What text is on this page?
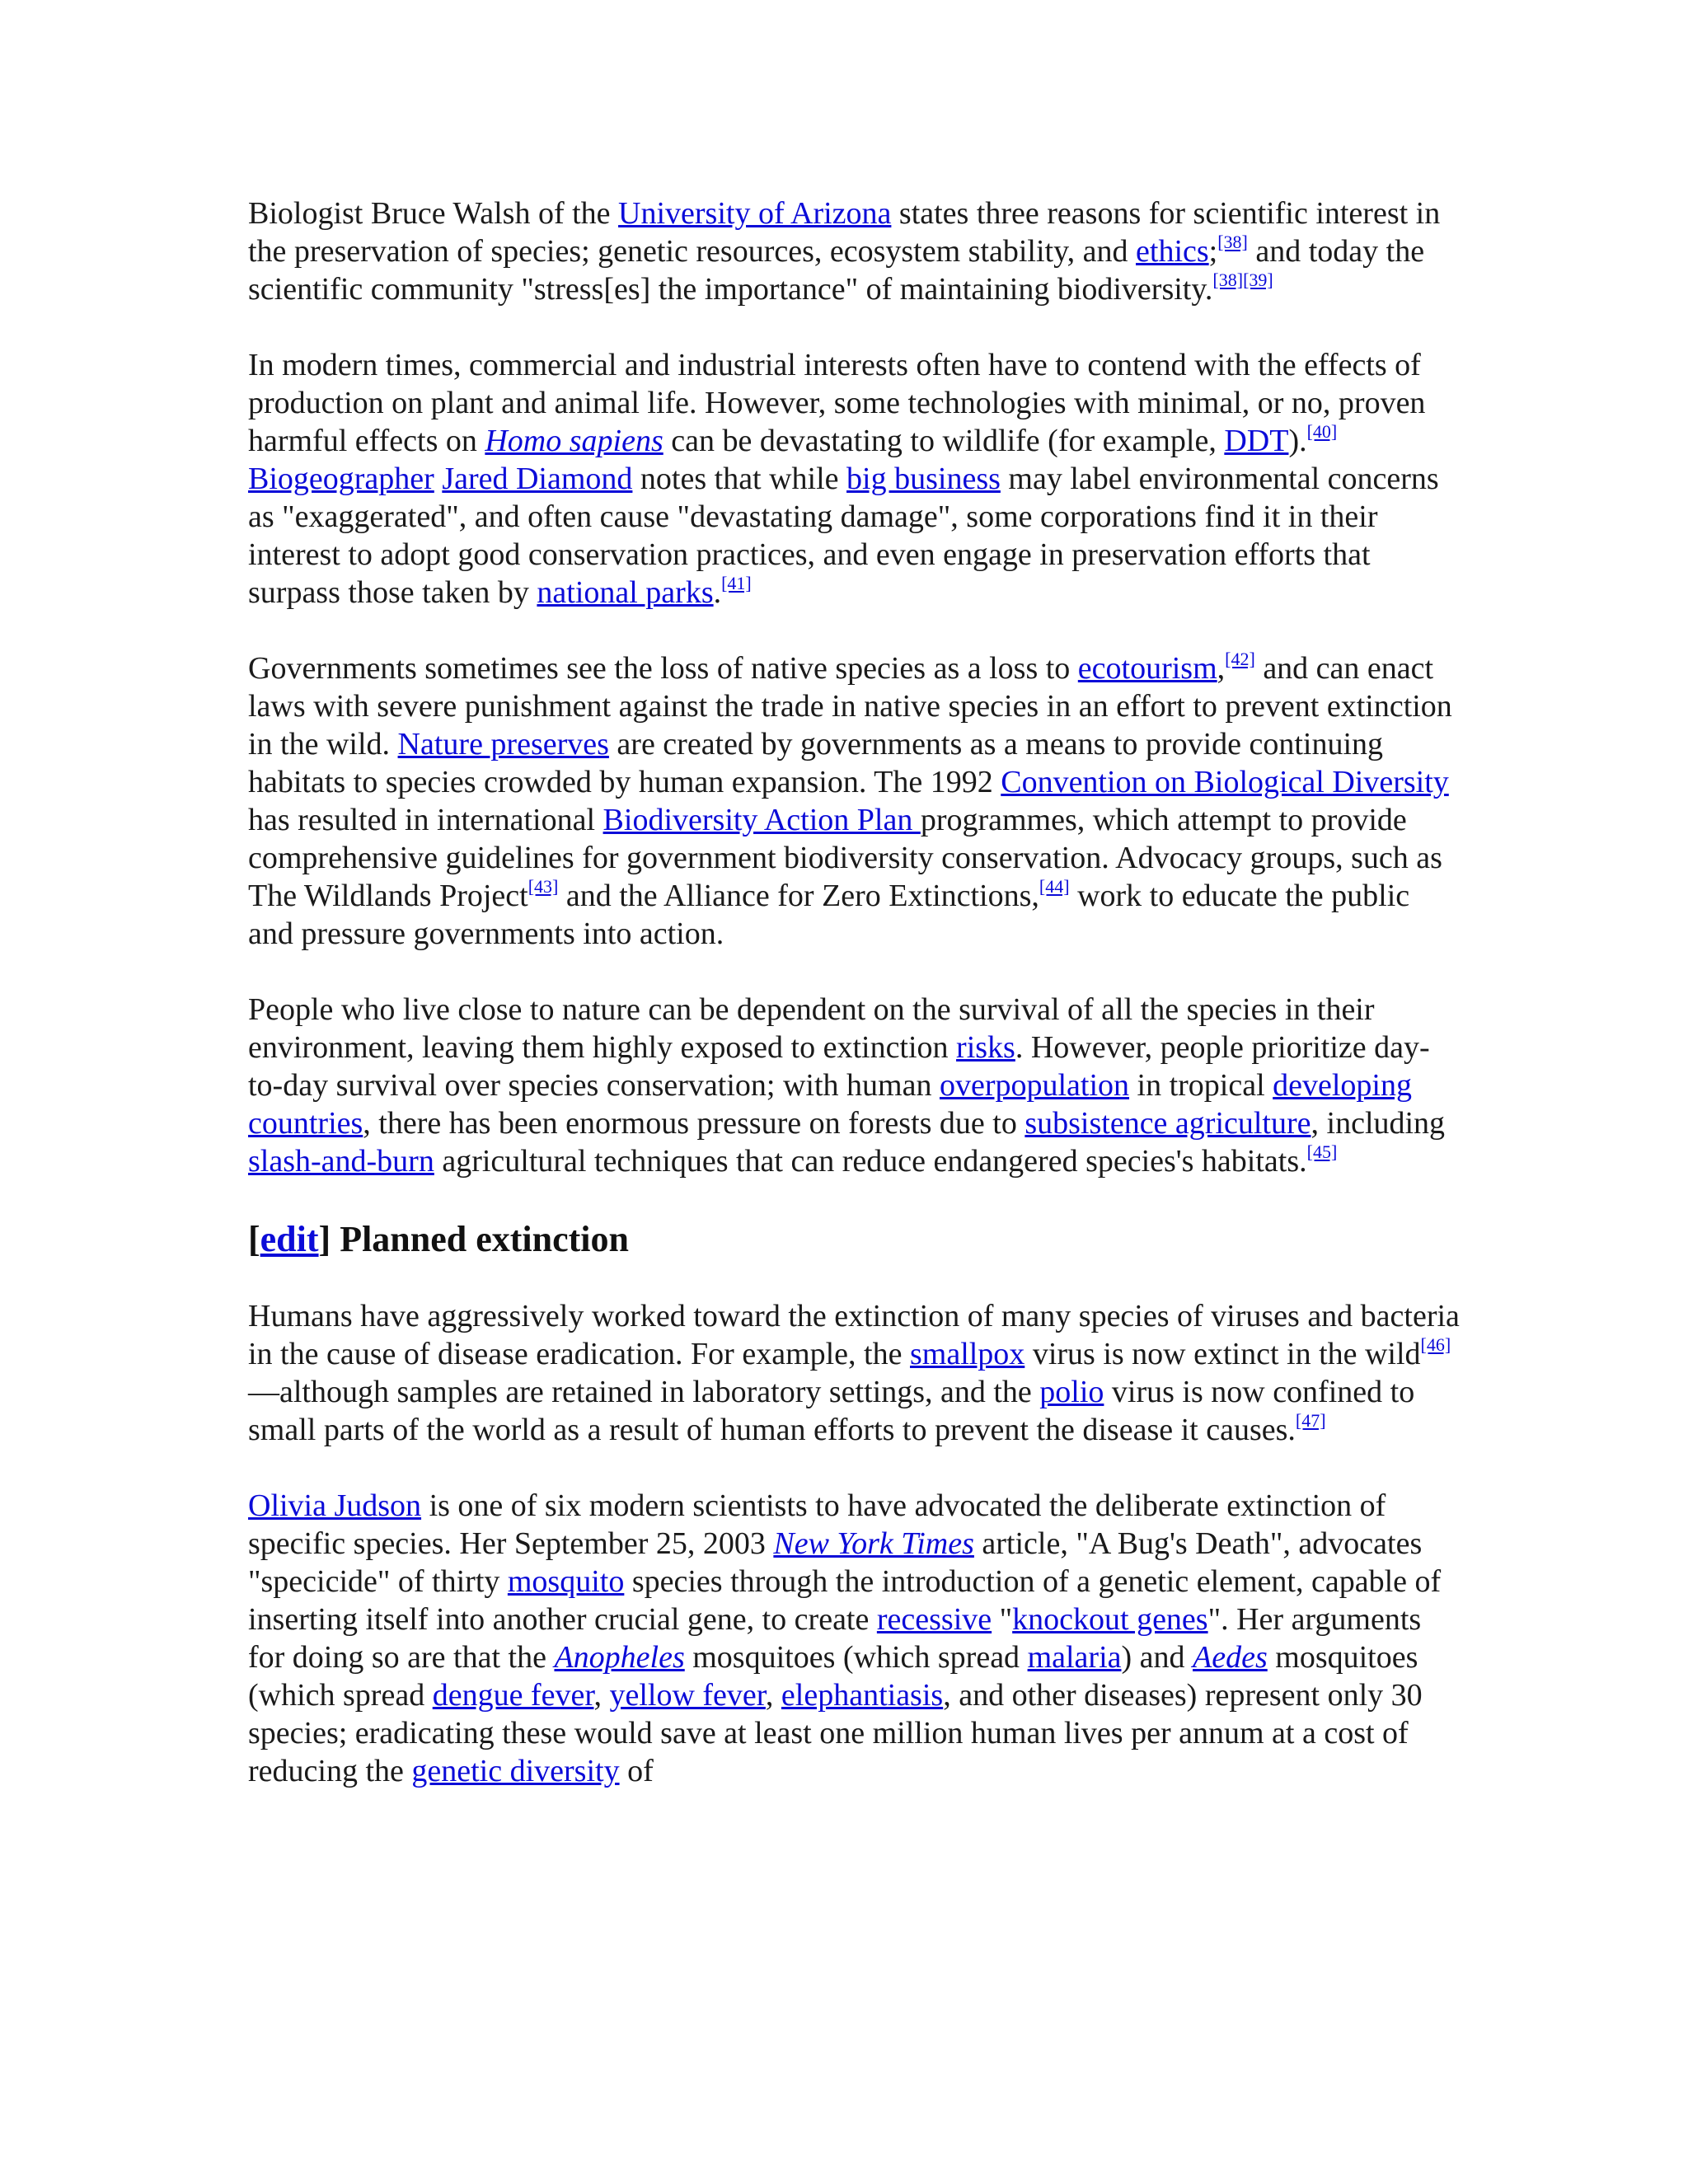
Biologist Bruce Walsh of the University of Arizona states three reasons for scientific interest in the preservation of species; genetic resources, ecosystem stability, and ethics;[38] and today the scientific community "stress[es] the importance" of maintaining biodiversity.[38][39]

In modern times, commercial and industrial interests often have to contend with the effects of production on plant and animal life. However, some technologies with minimal, or no, proven harmful effects on Homo sapiens can be devastating to wildlife (for example, DDT).[40] Biogeographer Jared Diamond notes that while big business may label environmental concerns as "exaggerated", and often cause "devastating damage", some corporations find it in their interest to adopt good conservation practices, and even engage in preservation efforts that surpass those taken by national parks.[41]

Governments sometimes see the loss of native species as a loss to ecotourism,[42] and can enact laws with severe punishment against the trade in native species in an effort to prevent extinction in the wild. Nature preserves are created by governments as a means to provide continuing habitats to species crowded by human expansion. The 1992 Convention on Biological Diversity has resulted in international Biodiversity Action Plan programmes, which attempt to provide comprehensive guidelines for government biodiversity conservation. Advocacy groups, such as The Wildlands Project[43] and the Alliance for Zero Extinctions,[44] work to educate the public and pressure governments into action.

People who live close to nature can be dependent on the survival of all the species in their environment, leaving them highly exposed to extinction risks. However, people prioritize day-to-day survival over species conservation; with human overpopulation in tropical developing countries, there has been enormous pressure on forests due to subsistence agriculture, including slash-and-burn agricultural techniques that can reduce endangered species's habitats.[45]

[edit] Planned extinction

Humans have aggressively worked toward the extinction of many species of viruses and bacteria in the cause of disease eradication. For example, the smallpox virus is now extinct in the wild[46]—although samples are retained in laboratory settings, and the polio virus is now confined to small parts of the world as a result of human efforts to prevent the disease it causes.[47]

Olivia Judson is one of six modern scientists to have advocated the deliberate extinction of specific species. Her September 25, 2003 New York Times article, "A Bug's Death", advocates "specicide" of thirty mosquito species through the introduction of a genetic element, capable of inserting itself into another crucial gene, to create recessive "knockout genes". Her arguments for doing so are that the Anopheles mosquitoes (which spread malaria) and Aedes mosquitoes (which spread dengue fever, yellow fever, elephantiasis, and other diseases) represent only 30 species; eradicating these would save at least one million human lives per annum at a cost of reducing the genetic diversity of
